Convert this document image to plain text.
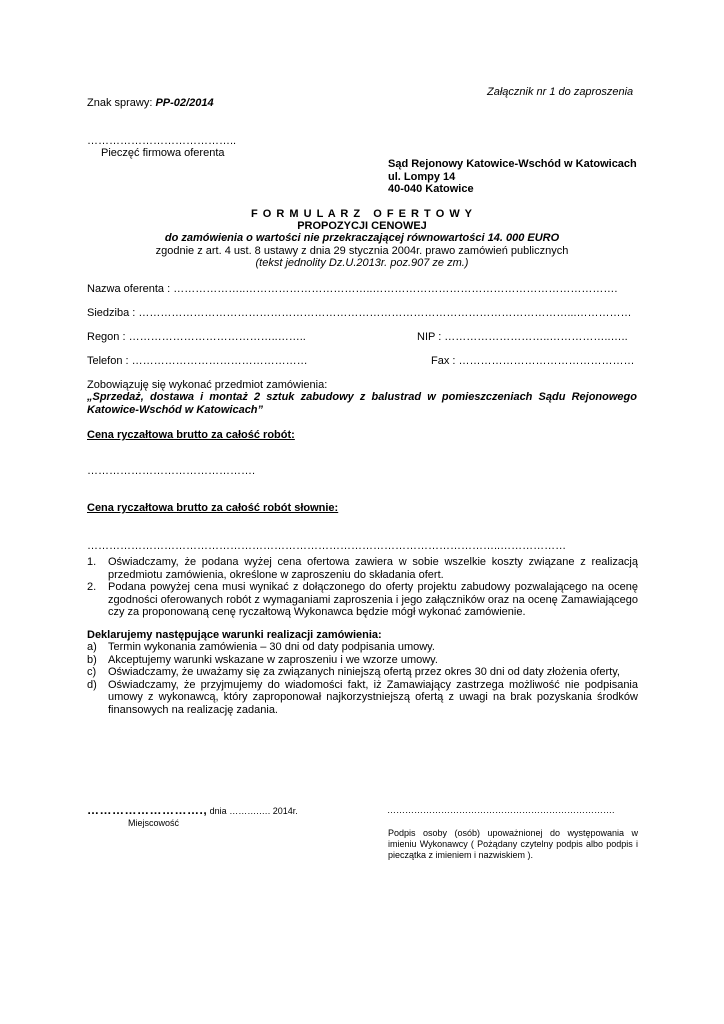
Załącznik nr 1 do zaproszenia
Znak sprawy: PP-02/2014
…………………………………..
Pieczęć firmowa oferenta
Sąd Rejonowy Katowice-Wschód w Katowicach
ul. Lompy 14
40-040 Katowice
F O R M U L A R Z   O F E R T O W Y
PROPOZYCJI CENOWEJ
do zamówienia o wartości nie przekraczającej równowartości 14. 000 EURO
zgodnie z art. 4 ust. 8 ustawy z dnia 29 stycznia 2004r. prawo zamówień publicznych
(tekst jednolity Dz.U.2013r. poz.907 ze zm.)
Nazwa oferenta : ………………..……………………………..………………………………………………………….
Siedziba : ………………………………………………………………………………………………………...……………
Regon : …………………………………..……..	NIP : ………………………..……………..…..
Telefon : …………………………………………	Fax : …………………………………………
Zobowiązuję się wykonać przedmiot zamówienia:
„Sprzedaż, dostawa i montaż 2 sztuk zabudowy z balustrad w pomieszczeniach Sądu Rejonowego Katowice-Wschód w Katowicach”
Cena ryczałtowa brutto za całość robót:
……………………………………….
Cena ryczałtowa brutto za całość robót słownie:
…………………………………………………………………………………………………..………………
1. Oświadczamy, że podana wyżej cena ofertowa zawiera w sobie wszelkie koszty związane z realizacją przedmiotu zamówienia, określone w zaproszeniu do składania ofert.
2. Podana powyżej cena musi wynikać z dołączonego do oferty projektu zabudowy pozwalającego na ocenę zgodności oferowanych robót z wymaganiami zaproszenia i jego załączników oraz na ocenę Zamawiającego czy za proponowaną cenę ryczałtową Wykonawca będzie mógł wykonać zamówienie.
Deklarujemy następujące warunki realizacji zamówienia:
a) Termin wykonania zamówienia – 30 dni od daty podpisania umowy.
b) Akceptujemy warunki wskazane w zaproszeniu i we wzorze umowy.
c) Oświadczamy, że uważamy się za związanych niniejszą ofertą przez okres 30 dni od daty złożenia oferty,
d) Oświadczamy, że przyjmujemy do wiadomości fakt, iż Zamawiający zastrzega możliwość nie podpisania umowy z wykonawcą, który zaproponował najkorzystniejszą ofertą z uwagi na brak pozyskania środków finansowych na realizację zadania.
………………………., dnia ……….…. 2014r.
Miejscowość
………………………………………………………………….
Podpis osoby (osób) upoważnionej do występowania w imieniu Wykonawcy ( Pożądany czytelny podpis albo podpis i pieczątka z imieniem i nazwiskiem ).
